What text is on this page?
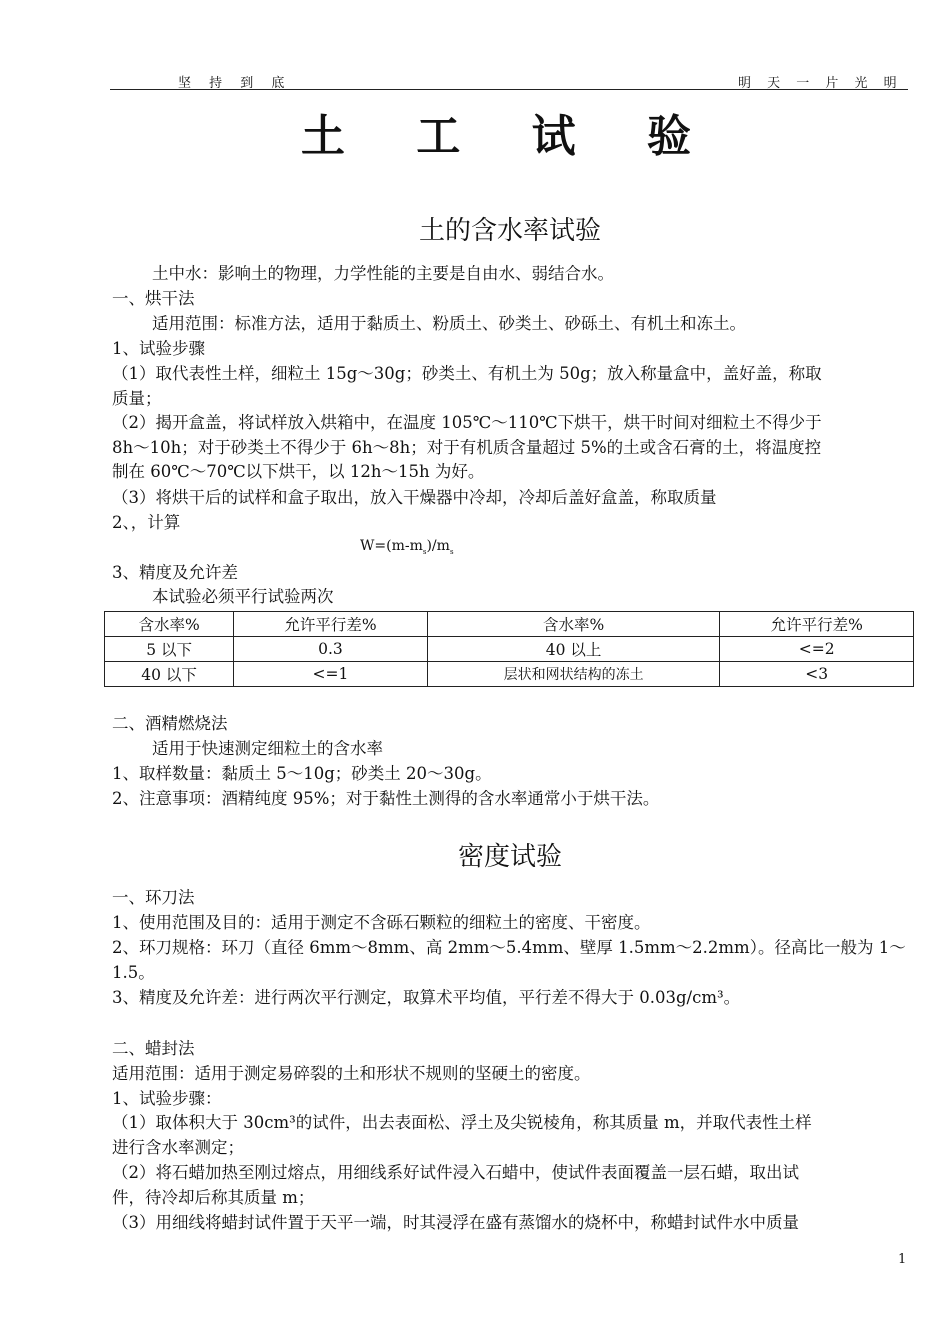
坚 持 到 底	明 天 一 片 光 明
土 工 试 验
土的含水率试验
土中水：影响土的物理，力学性能的主要是自由水、弱结合水。
一、烘干法
适用范围：标准方法，适用于黏质土、粉质土、砂类土、砂砾土、有机土和冻土。
1、试验步骤
（1）取代表性土样，细粒土 15g～30g；砂类土、有机土为 50g；放入称量盒中，盖好盖，称取
质量；
（2）揭开盒盖，将试样放入烘箱中，在温度 105℃～110℃下烘干，烘干时间对细粒土不得少于
8h～10h；对于砂类土不得少于 6h～8h；对于有机质含量超过 5%的土或含石膏的土，将温度控
制在 60℃～70℃以下烘干，以 12h～15h 为好。
（3）将烘干后的试样和盒子取出，放入干燥器中冷却，冷却后盖好盒盖，称取质量
2、，计算
$W=(m-m_s)/m_s$
3、精度及允许差
本试验必须平行试验两次
含水率%	允许平行差%	含水率%	允许平行差%
5 以下	0.3	40 以上	<=2
40 以下	<=1	层状和网状结构的冻土	<3
二、酒精燃烧法
适用于快速测定细粒土的含水率
1、取样数量：黏质土 5～10g；砂类土 20～30g。
2、注意事项：酒精纯度 95%；对于黏性土测得的含水率通常小于烘干法。
密度试验
一、环刀法
1、使用范围及目的：适用于测定不含砾石颗粒的细粒土的密度、干密度。
2、环刀规格：环刀（直径 6mm～8mm、高 2mm～5.4mm、壁厚 1.5mm～2.2mm）。径高比一般为 1～
1.5。
3、精度及允许差：进行两次平行测定，取算术平均值，平行差不得大于 0.03g/cm³。
二、蜡封法
适用范围：适用于测定易碎裂的土和形状不规则的坚硬土的密度。
1、试验步骤：
（1）取体积大于 30cm³的试件，出去表面松、浮土及尖锐棱角，称其质量 m，并取代表性土样
进行含水率测定；
（2）将石蜡加热至刚过熔点，用细线系好试件浸入石蜡中，使试件表面覆盖一层石蜡，取出试
件，待冷却后称其质量 m；
（3）用细线将蜡封试件置于天平一端，时其浸浮在盛有蒸馏水的烧杯中，称蜡封试件水中质量
1
